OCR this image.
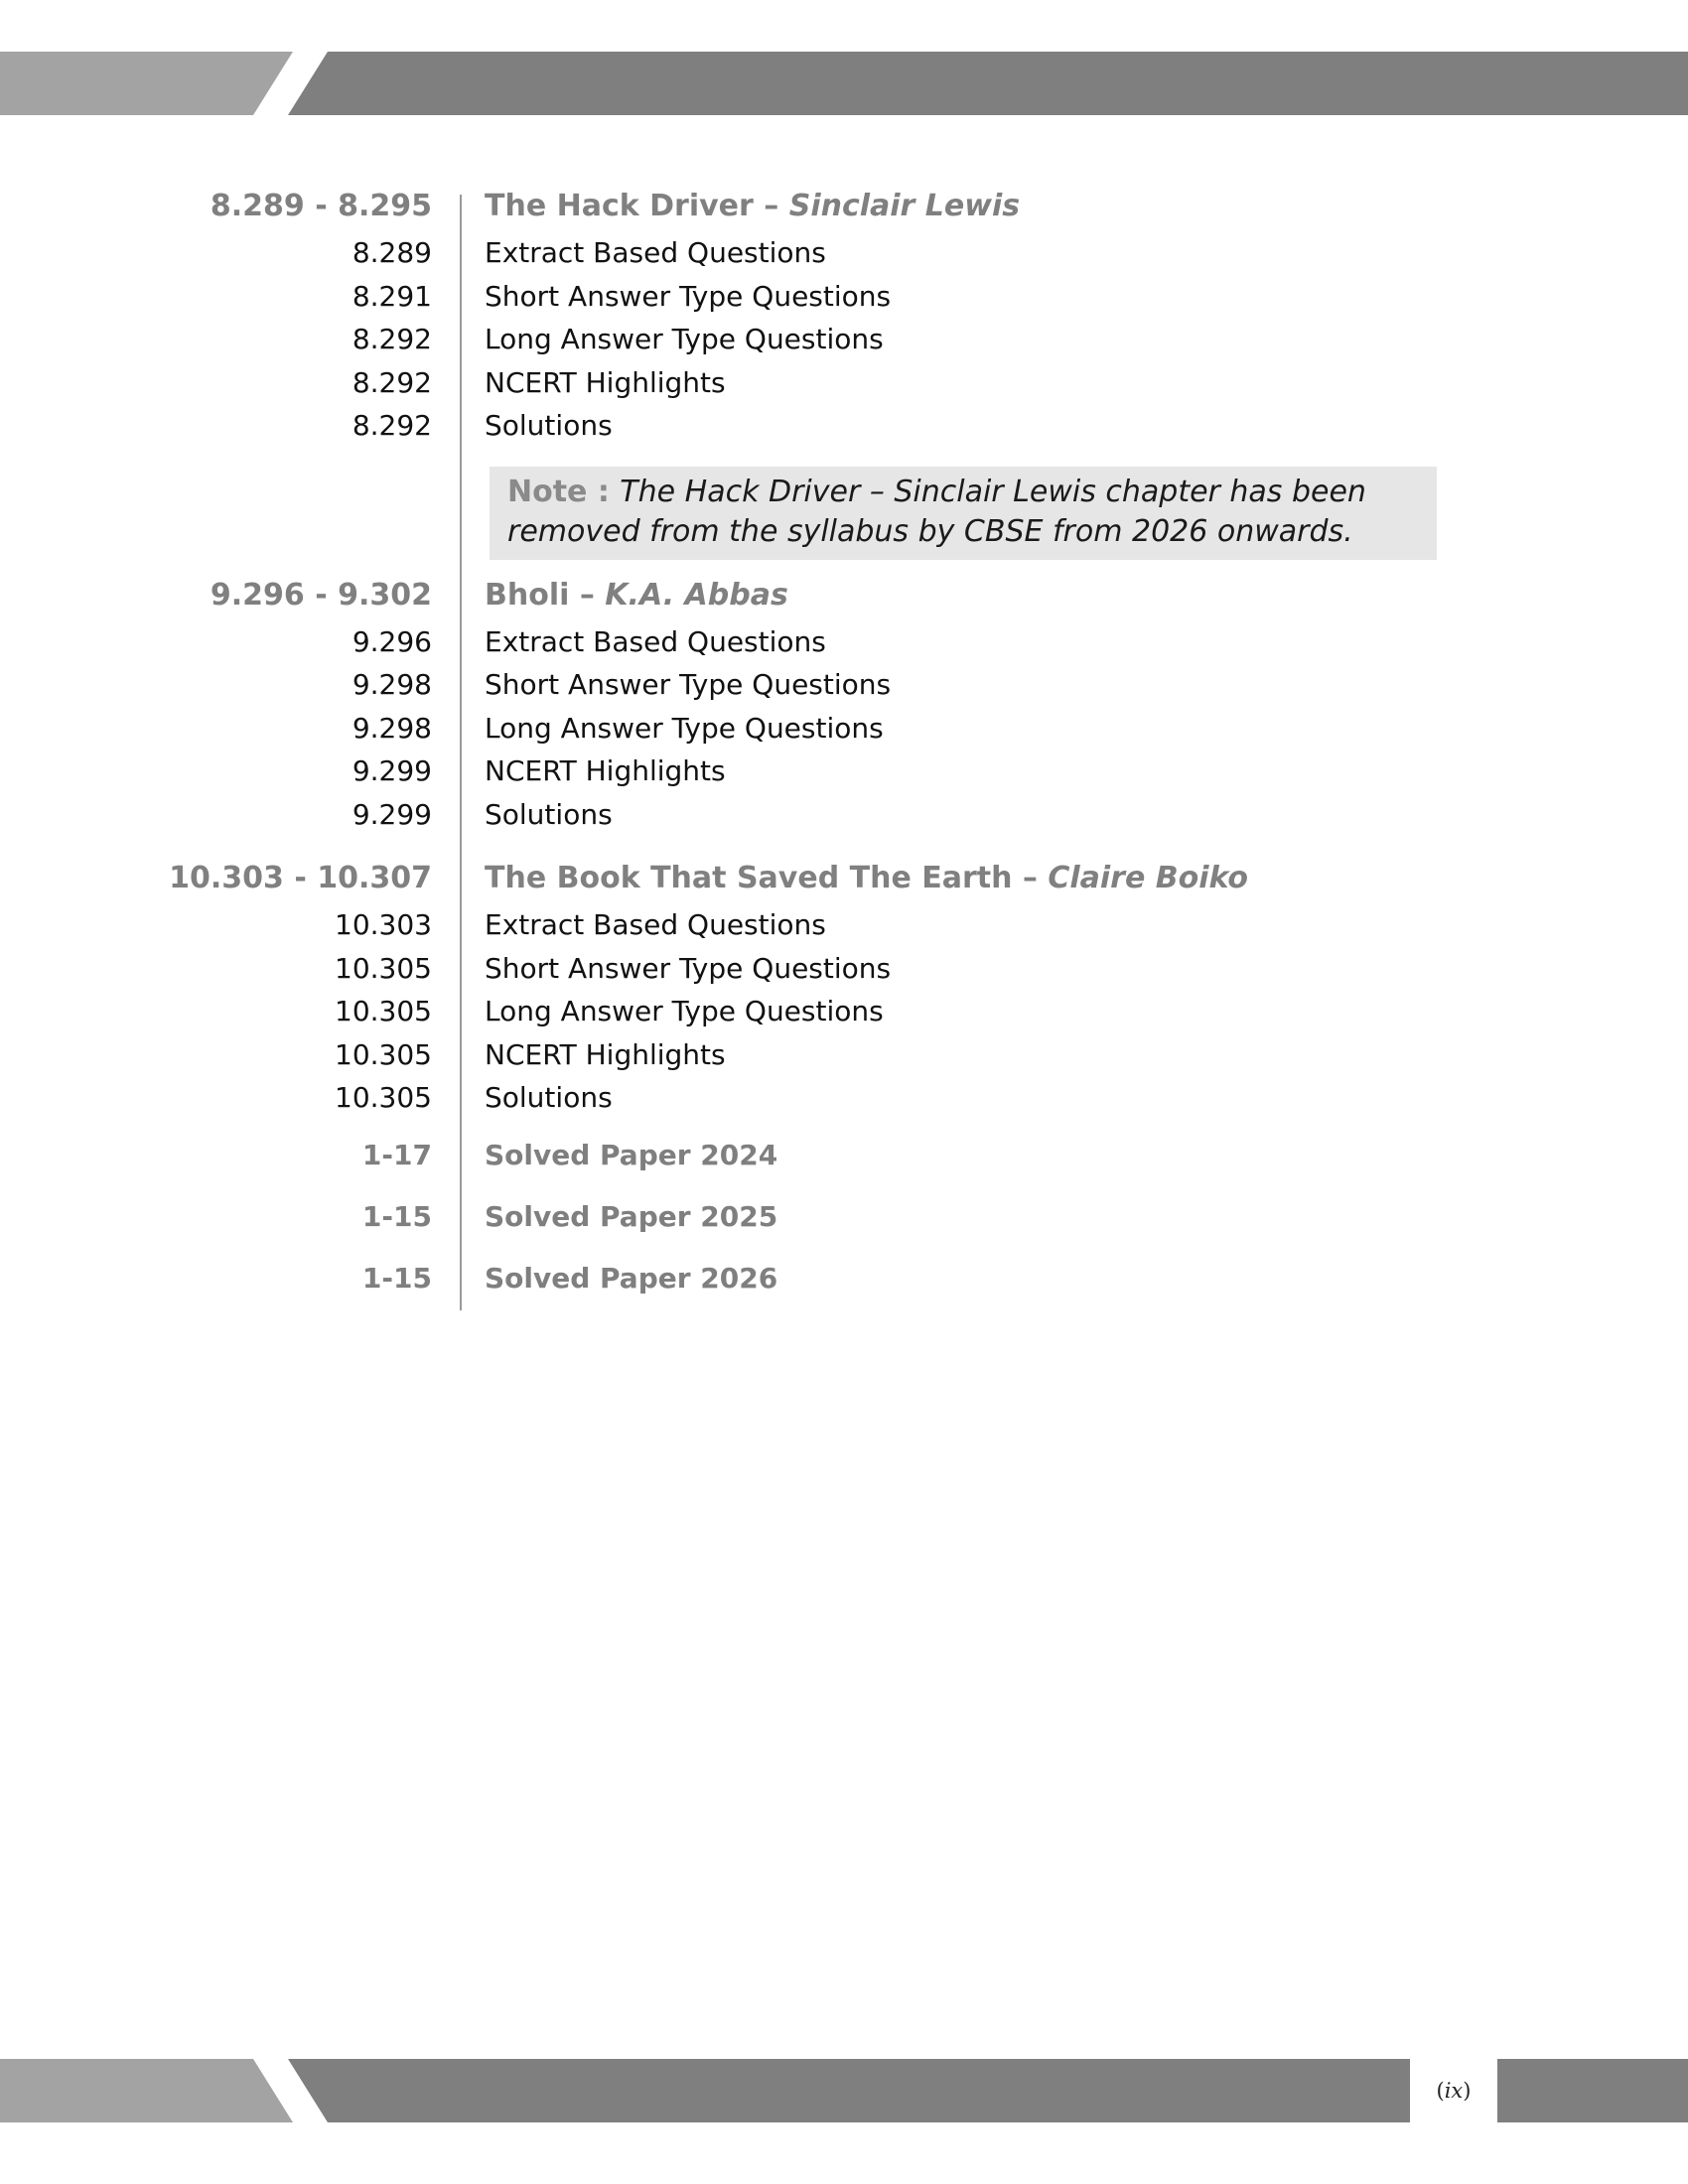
8.289 - 8.295 The Hack Driver – Sinclair Lewis
8.289 Extract Based Questions
8.291 Short Answer Type Questions
8.292 Long Answer Type Questions
8.292 NCERT Highlights
8.292 Solutions
Note : The Hack Driver – Sinclair Lewis chapter has been removed from the syllabus by CBSE from 2026 onwards.
9.296 - 9.302 Bholi – K.A. Abbas
9.296 Extract Based Questions
9.298 Short Answer Type Questions
9.298 Long Answer Type Questions
9.299 NCERT Highlights
9.299 Solutions
10.303 - 10.307 The Book That Saved The Earth – Claire Boiko
10.303 Extract Based Questions
10.305 Short Answer Type Questions
10.305 Long Answer Type Questions
10.305 NCERT Highlights
10.305 Solutions
1-17 Solved Paper 2024
1-15 Solved Paper 2025
1-15 Solved Paper 2026
( ix )
